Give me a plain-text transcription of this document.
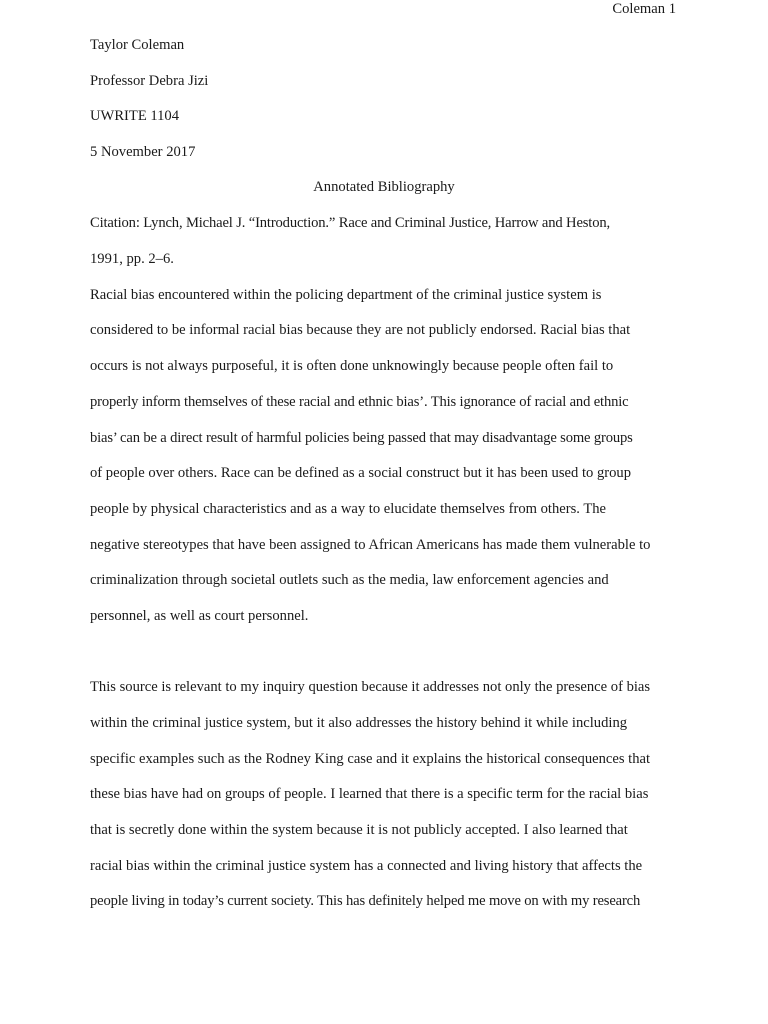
Coleman 1
Taylor Coleman
Professor Debra Jizi
UWRITE 1104
5 November 2017
Annotated Bibliography
Citation: Lynch, Michael J. “Introduction.” Race and Criminal Justice, Harrow and Heston,
1991, pp. 2–6.
Racial bias encountered within the policing department of the criminal justice system is
considered to be informal racial bias because they are not publicly endorsed. Racial bias that
occurs is not always purposeful, it is often done unknowingly because people often fail to
properly inform themselves of these racial and ethnic bias’. This ignorance of racial and ethnic
bias’ can be a direct result of harmful policies being passed that may disadvantage some groups
of people over others. Race can be defined as a social construct but it has been used to group
people by physical characteristics and as a way to elucidate themselves from others. The
negative stereotypes that have been assigned to African Americans has made them vulnerable to
criminalization through societal outlets such as the media, law enforcement agencies and
personnel, as well as court personnel.
This source is relevant to my inquiry question because it addresses not only the presence of bias
within the criminal justice system, but it also addresses the history behind it while including
specific examples such as the Rodney King case and it explains the historical consequences that
these bias have had on groups of people. I learned that there is a specific term for the racial bias
that is secretly done within the system because it is not publicly accepted. I also learned that
racial bias within the criminal justice system has a connected and living history that affects the
people living in today’s current society. This has definitely helped me move on with my research
